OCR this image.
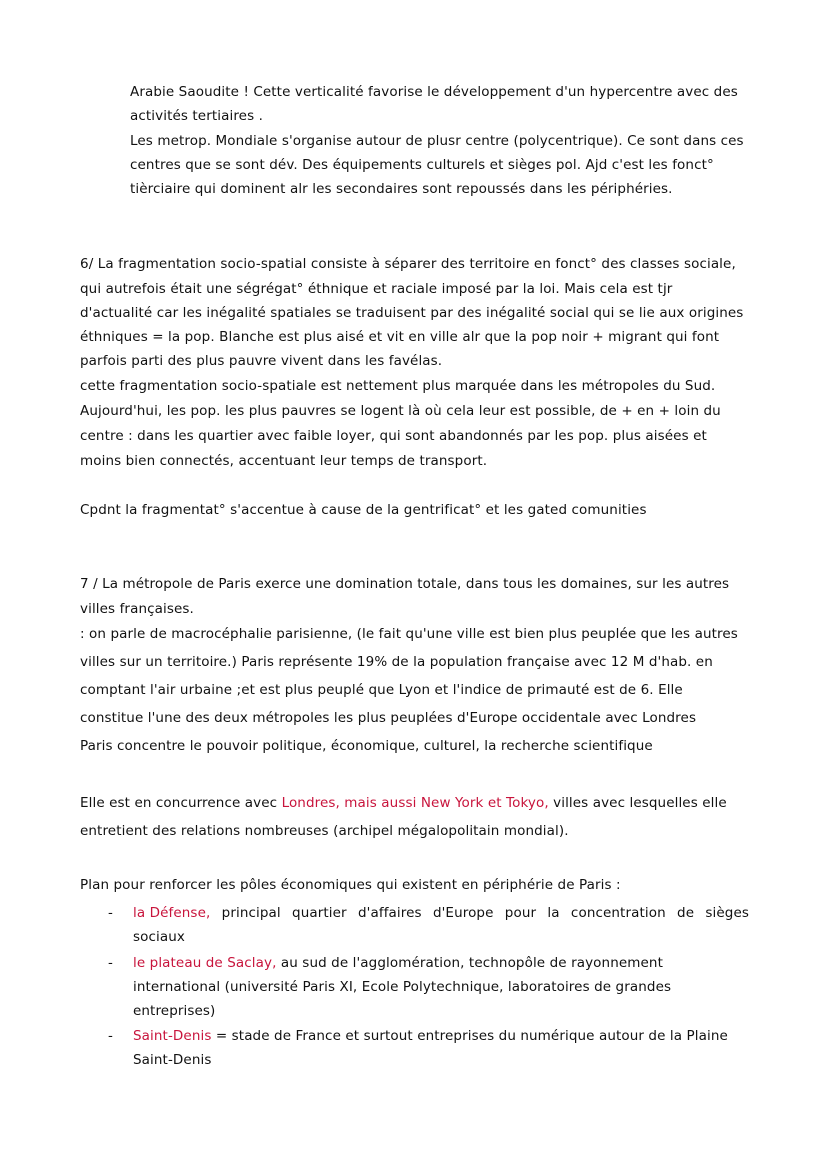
Arabie Saoudite ! Cette verticalité favorise le développement d'un hypercentre avec des
activités tertiaires .
Les metrop. Mondiale s'organise autour de plusr centre (polycentrique). Ce sont dans ces
centres que se sont dév. Des équipements culturels et sièges pol. Ajd c'est les fonct°
tièrciaire qui dominent alr les secondaires sont repoussés dans les périphéries.
6/ La fragmentation socio-spatial consiste à séparer des territoire en fonct° des classes sociale,
qui autrefois était une ségrégat° éthnique et raciale imposé par la loi. Mais cela est tjr
d'actualité car les inégalité spatiales se traduisent par des inégalité social qui se lie aux origines
éthniques = la pop. Blanche est plus aisé et vit en ville alr que la pop noir + migrant qui font
parfois parti des plus pauvre vivent dans les favélas.
cette fragmentation socio-spatiale est nettement plus marquée dans les métropoles du Sud.
Aujourd'hui, les pop. les plus pauvres se logent là où cela leur est possible, de + en + loin du
centre : dans les quartier avec faible loyer, qui sont abandonnés par les pop. plus aisées et
moins bien connectés, accentuant leur temps de transport.
Cpdnt la fragmentat° s'accentue à cause de la gentrificat° et les gated comunities
7 / La métropole de Paris exerce une domination totale, dans tous les domaines, sur les autres
villes françaises.
: on parle de macrocéphalie parisienne, (le fait qu'une ville est bien plus peuplée que les autres
villes sur un territoire.) Paris représente 19% de la population française avec 12 M d'hab. en
comptant l'air urbaine ;et est plus peuplé que Lyon et l'indice de primauté est de 6. Elle
constitue l'une des deux métropoles les plus peuplées d'Europe occidentale avec Londres
Paris concentre le pouvoir politique, économique, culturel, la recherche scientifique
Elle est en concurrence avec Londres, mais aussi New York et Tokyo, villes avec lesquelles elle
entretient des relations nombreuses (archipel mégalopolitain mondial).
Plan pour renforcer les pôles économiques qui existent en périphérie de Paris :
- la Défense, principal quartier d'affaires d'Europe pour la concentration de sièges
sociaux
- le plateau de Saclay, au sud de l'agglomération, technopôle de rayonnement
international (université Paris XI, Ecole Polytechnique, laboratoires de grandes
entreprises)
- Saint-Denis = stade de France et surtout entreprises du numérique autour de la Plaine
Saint-Denis
